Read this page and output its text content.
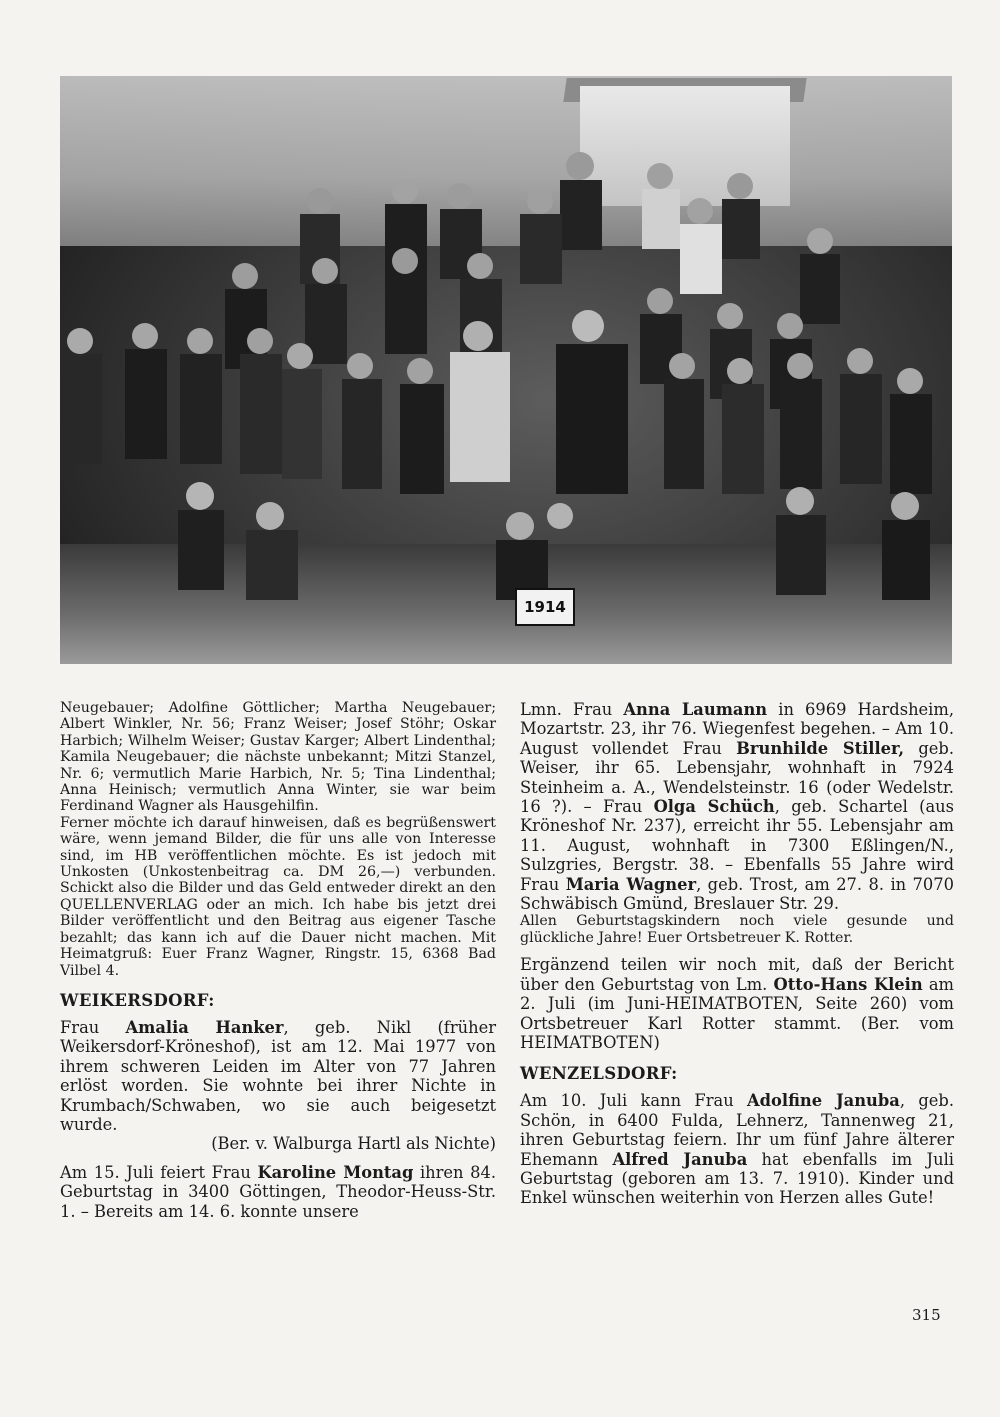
1914

Neugebauer; Adolfine Göttlicher; Martha Neugebauer; Albert Winkler, Nr. 56; Franz Weiser; Josef Stöhr; Oskar Harbich; Wilhelm Weiser; Gustav Karger; Albert Lindenthal; Kamila Neugebauer; die nächste unbekannt; Mitzi Stanzel, Nr. 6; vermutlich Marie Harbich, Nr. 5; Tina Lindenthal; Anna Heinisch; vermutlich Anna Winter, sie war beim Ferdinand Wagner als Hausgehilfin.

Ferner möchte ich darauf hinweisen, daß es begrüßenswert wäre, wenn jemand Bilder, die für uns alle von Interesse sind, im HB veröffentlichen möchte. Es ist jedoch mit Unkosten (Unkostenbeitrag ca. DM 26,—) verbunden. Schickt also die Bilder und das Geld entweder direkt an den QUELLENVERLAG oder an mich. Ich habe bis jetzt drei Bilder veröffentlicht und den Beitrag aus eigener Tasche bezahlt; das kann ich auf die Dauer nicht machen. Mit Heimatgruß: Euer Franz Wagner, Ringstr. 15, 6368 Bad Vilbel 4.

WEIKERSDORF:

Frau Amalia Hanker, geb. Nikl (früher Weikersdorf-Kröneshof), ist am 12. Mai 1977 von ihrem schweren Leiden im Alter von 77 Jahren erlöst worden. Sie wohnte bei ihrer Nichte in Krumbach/Schwaben, wo sie auch beigesetzt wurde.

(Ber. v. Walburga Hartl als Nichte)

Am 15. Juli feiert Frau Karoline Montag ihren 84. Geburtstag in 3400 Göttingen, Theodor-Heuss-Str. 1. – Bereits am 14. 6. konnte unsere

Lmn. Frau Anna Laumann in 6969 Hardsheim, Mozartstr. 23, ihr 76. Wiegenfest begehen. – Am 10. August vollendet Frau Brunhilde Stiller, geb. Weiser, ihr 65. Lebensjahr, wohnhaft in 7924 Steinheim a. A., Wendelsteinstr. 16 (oder Wedelstr. 16 ?). – Frau Olga Schüch, geb. Schartel (aus Kröneshof Nr. 237), erreicht ihr 55. Lebensjahr am 11. August, wohnhaft in 7300 Eßlingen/N., Sulzgries, Bergstr. 38. – Ebenfalls 55 Jahre wird Frau Maria Wagner, geb. Trost, am 27. 8. in 7070 Schwäbisch Gmünd, Breslauer Str. 29.

Allen Geburtstagskindern noch viele gesunde und glückliche Jahre! Euer Ortsbetreuer K. Rotter.

Ergänzend teilen wir noch mit, daß der Bericht über den Geburtstag von Lm. Otto-Hans Klein am 2. Juli (im Juni-HEIMATBOTEN, Seite 260) vom Ortsbetreuer Karl Rotter stammt. (Ber. vom HEIMATBOTEN)

WENZELSDORF:

Am 10. Juli kann Frau Adolfine Januba, geb. Schön, in 6400 Fulda, Lehnerz, Tannenweg 21, ihren Geburtstag feiern. Ihr um fünf Jahre älterer Ehemann Alfred Januba hat ebenfalls im Juli Geburtstag (geboren am 13. 7. 1910). Kinder und Enkel wünschen weiterhin von Herzen alles Gute!

315
